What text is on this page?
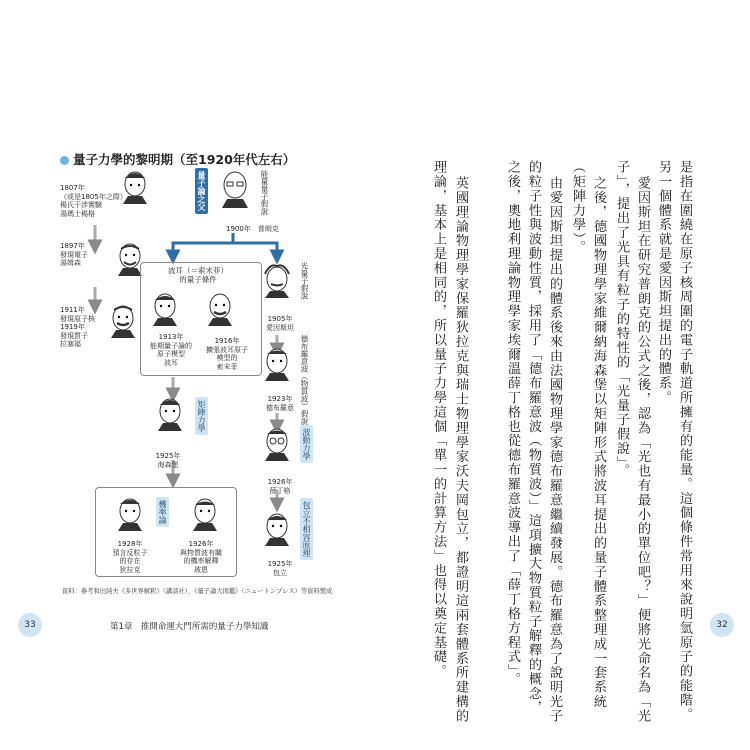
量子力學的黎明期（至1920年代左右）
1807年
（或是1805年之際）
楊氏干涉實驗
湯瑪士楊格
1897年
發現電子
湯姆森
1911年
發現原子核
1919年
發現質子
拉塞福
量子論之父	能量量子假說
1900年　普朗克
波耳（＝索末菲）
的量子條件
1913年
能期量子論的
原子模型
波耳
1916年
擴張波耳原子
模型的
索末菲
光量子假說
1905年
愛因斯坦
德布羅意波（物質波）假說
1923年
德布羅意
矩陣力學
1925年
海森堡
波動力學
1926年
薛丁格
機率論
1928年
預言反粒子
的存在
狄拉克
1926年
與物質波有關
的機率解釋
玻恩
包立不相容原理
1925年
包立
資料：參考和田純夫《多世界解釈》（講談社）、《量子論大図鑑》（ニュートンプレス）等資料製成
33	第1章　推開命運大門所需的量子力學知識	是指在圍繞在原子核周圍的電子軌道所擁有的能量。這個條件常用來說明氫原子的能階。
另一個體系就是愛因斯坦提出的體系。
愛因斯坦在研究普朗克的公式之後，認為「光也有最小的單位吧？」便將光命名為「光
子」，提出了光具有粒子的特性的「光量子假說」。
之後，德國物理學家維爾納海森堡以矩陣形式將波耳提出的量子體系整理成一套系統
（矩陣力學）。
由愛因斯坦提出的體系後來由法國物理學家德布羅意繼續發展。德布羅意為了說明光子
的粒子性與波動性質，採用了「德布羅意波（物質波）」這項擴大物質粒子解釋的概念，
之後，奧地利理論物理學家埃爾溫薛丁格也從德布羅意波導出了「薛丁格方程式」。
英國理論物理學家保羅狄拉克與瑞士物理學家沃夫岡包立，都證明這兩套體系所建構的
理論，基本上是相同的，所以量子力學這個「單一的計算方法」也得以奠定基礎。	32
